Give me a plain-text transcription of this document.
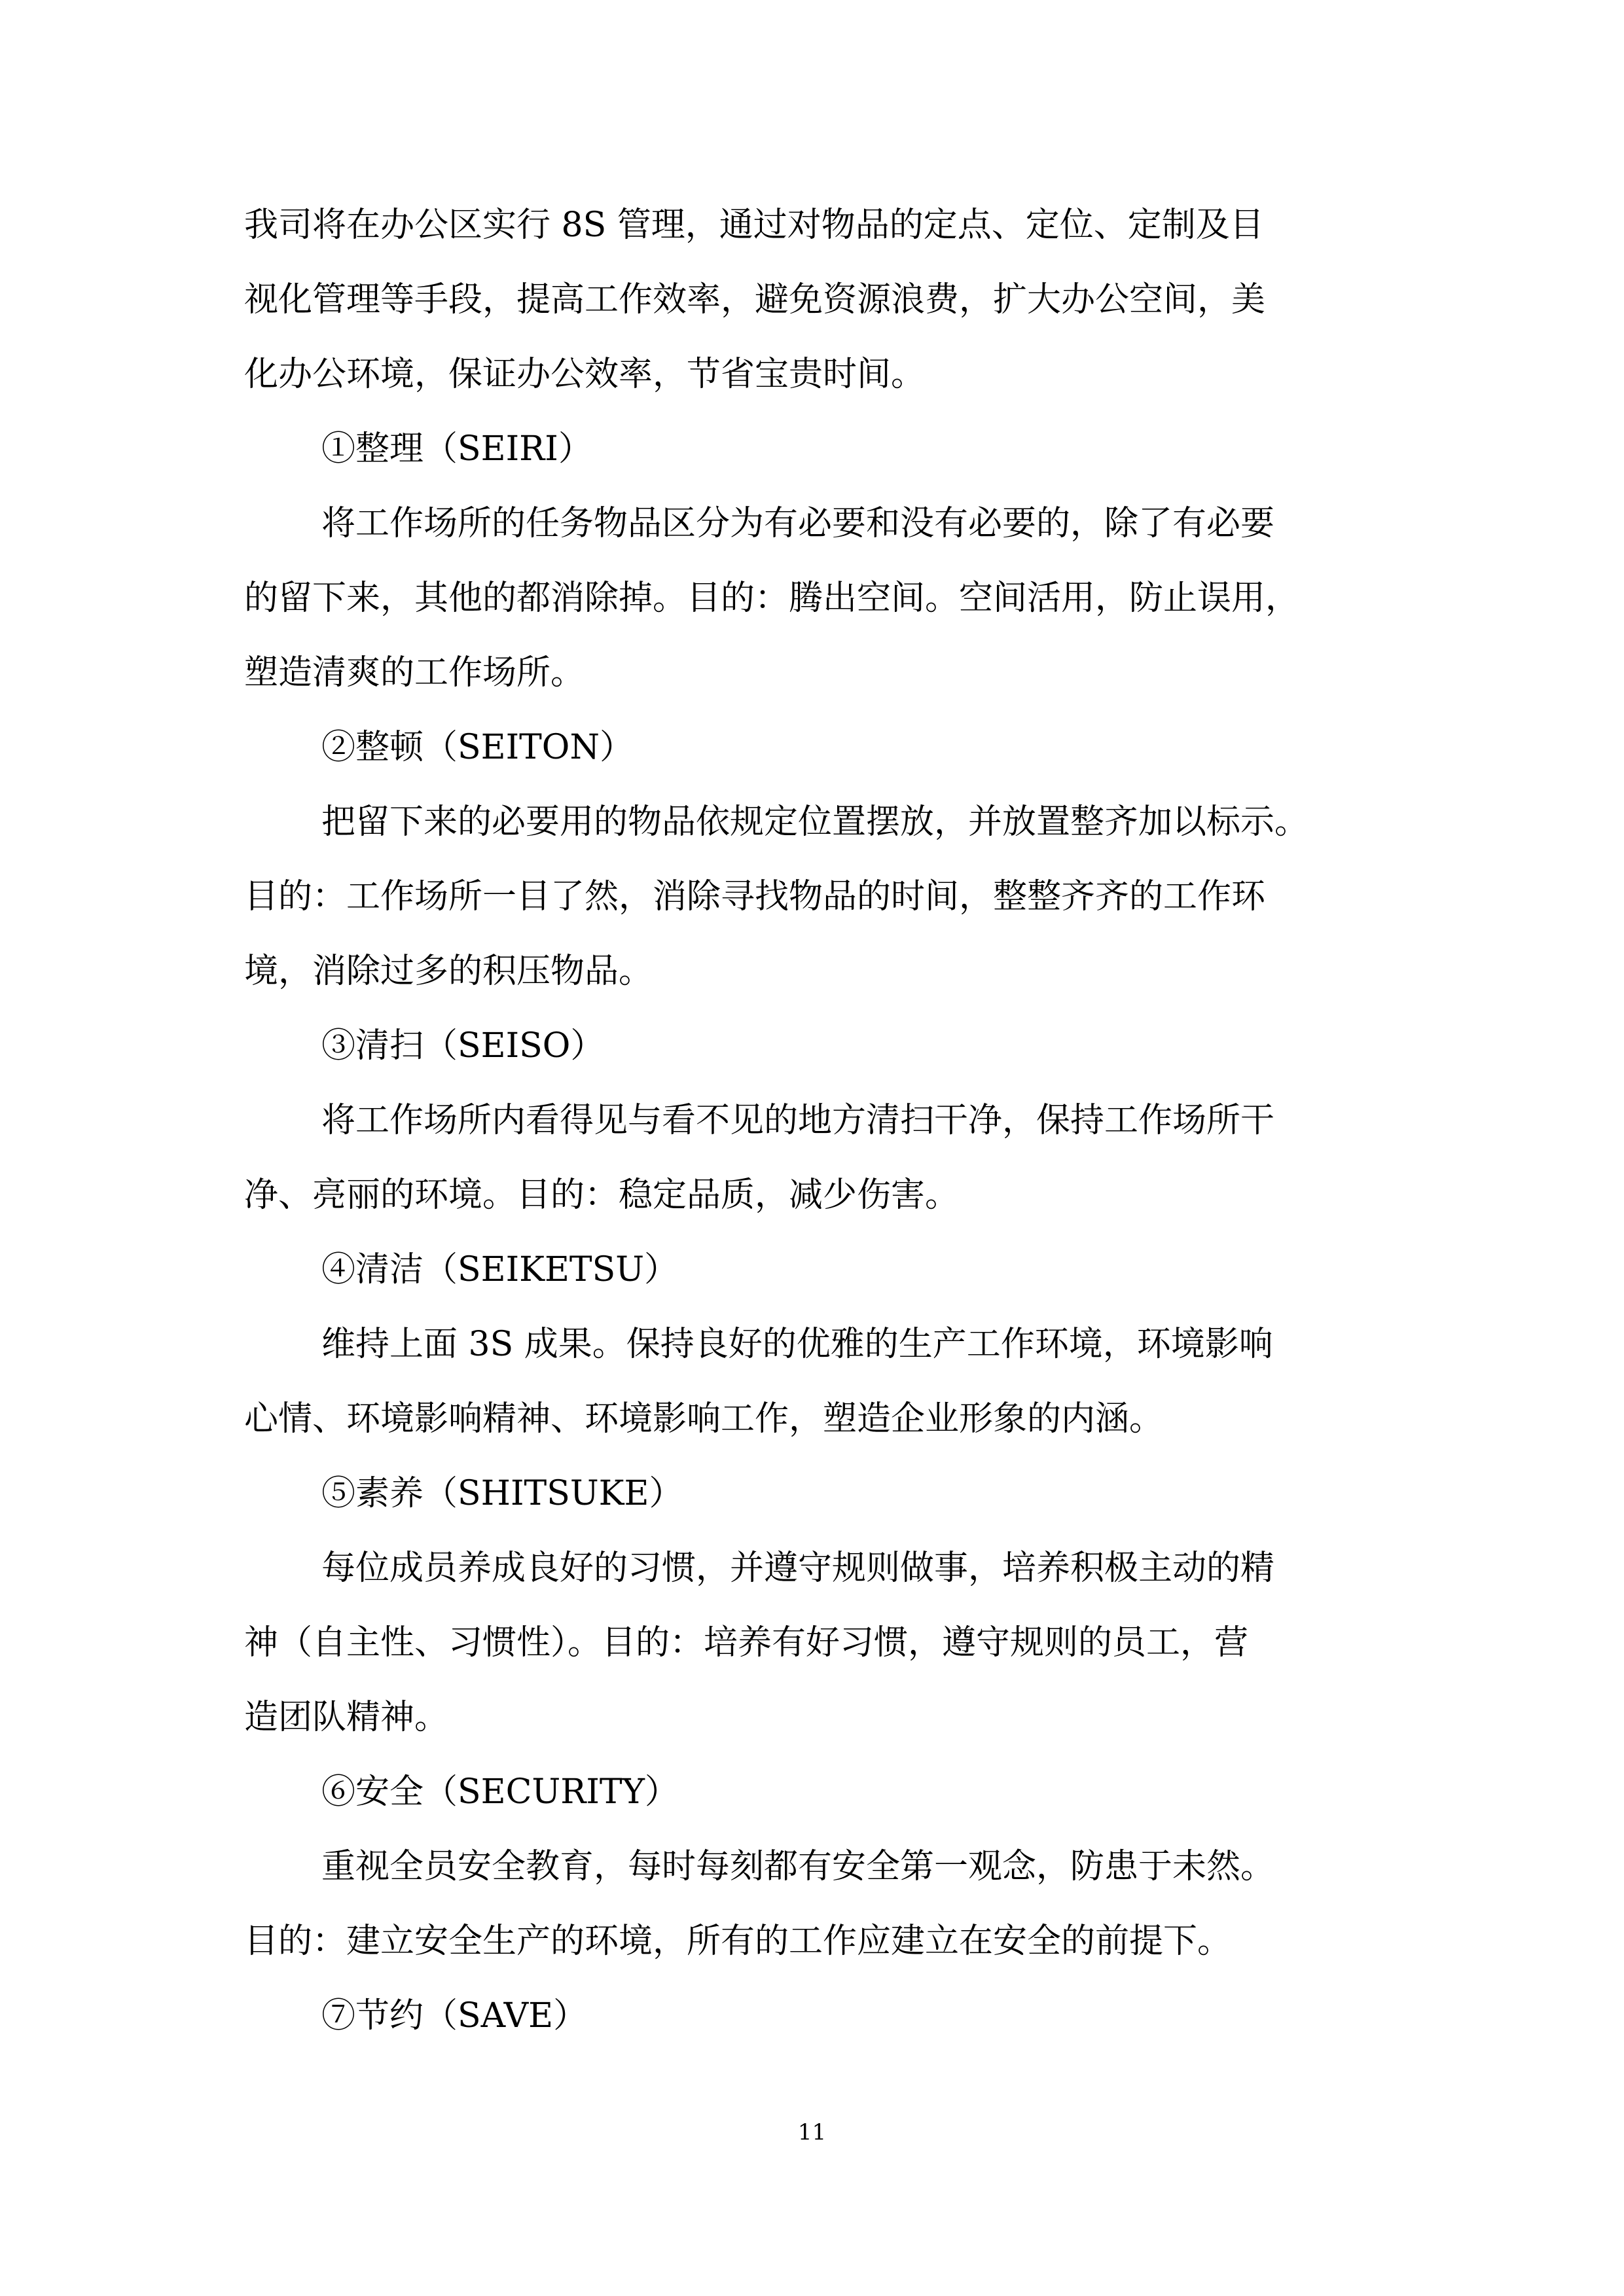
我司将在办公区实行 8S 管理，通过对物品的定点、定位、定制及目
视化管理等手段，提高工作效率，避免资源浪费，扩大办公空间，美
化办公环境，保证办公效率，节省宝贵时间。
①整理（SEIRI）
将工作场所的任务物品区分为有必要和没有必要的，除了有必要
的留下来，其他的都消除掉。目的：腾出空间。空间活用，防止误用，
塑造清爽的工作场所。
②整顿（SEITON）
把留下来的必要用的物品依规定位置摆放，并放置整齐加以标示。
目的：工作场所一目了然，消除寻找物品的时间，整整齐齐的工作环
境，消除过多的积压物品。
③清扫（SEISO）
将工作场所内看得见与看不见的地方清扫干净，保持工作场所干
净、亮丽的环境。目的：稳定品质，减少伤害。
④清洁（SEIKETSU）
维持上面 3S 成果。保持良好的优雅的生产工作环境，环境影响
心情、环境影响精神、环境影响工作，塑造企业形象的内涵。
⑤素养（SHITSUKE）
每位成员养成良好的习惯，并遵守规则做事，培养积极主动的精
神（自主性、习惯性）。目的：培养有好习惯，遵守规则的员工，营
造团队精神。
⑥安全（SECURITY）
重视全员安全教育，每时每刻都有安全第一观念，防患于未然。
目的：建立安全生产的环境，所有的工作应建立在安全的前提下。
⑦节约（SAVE）
11
